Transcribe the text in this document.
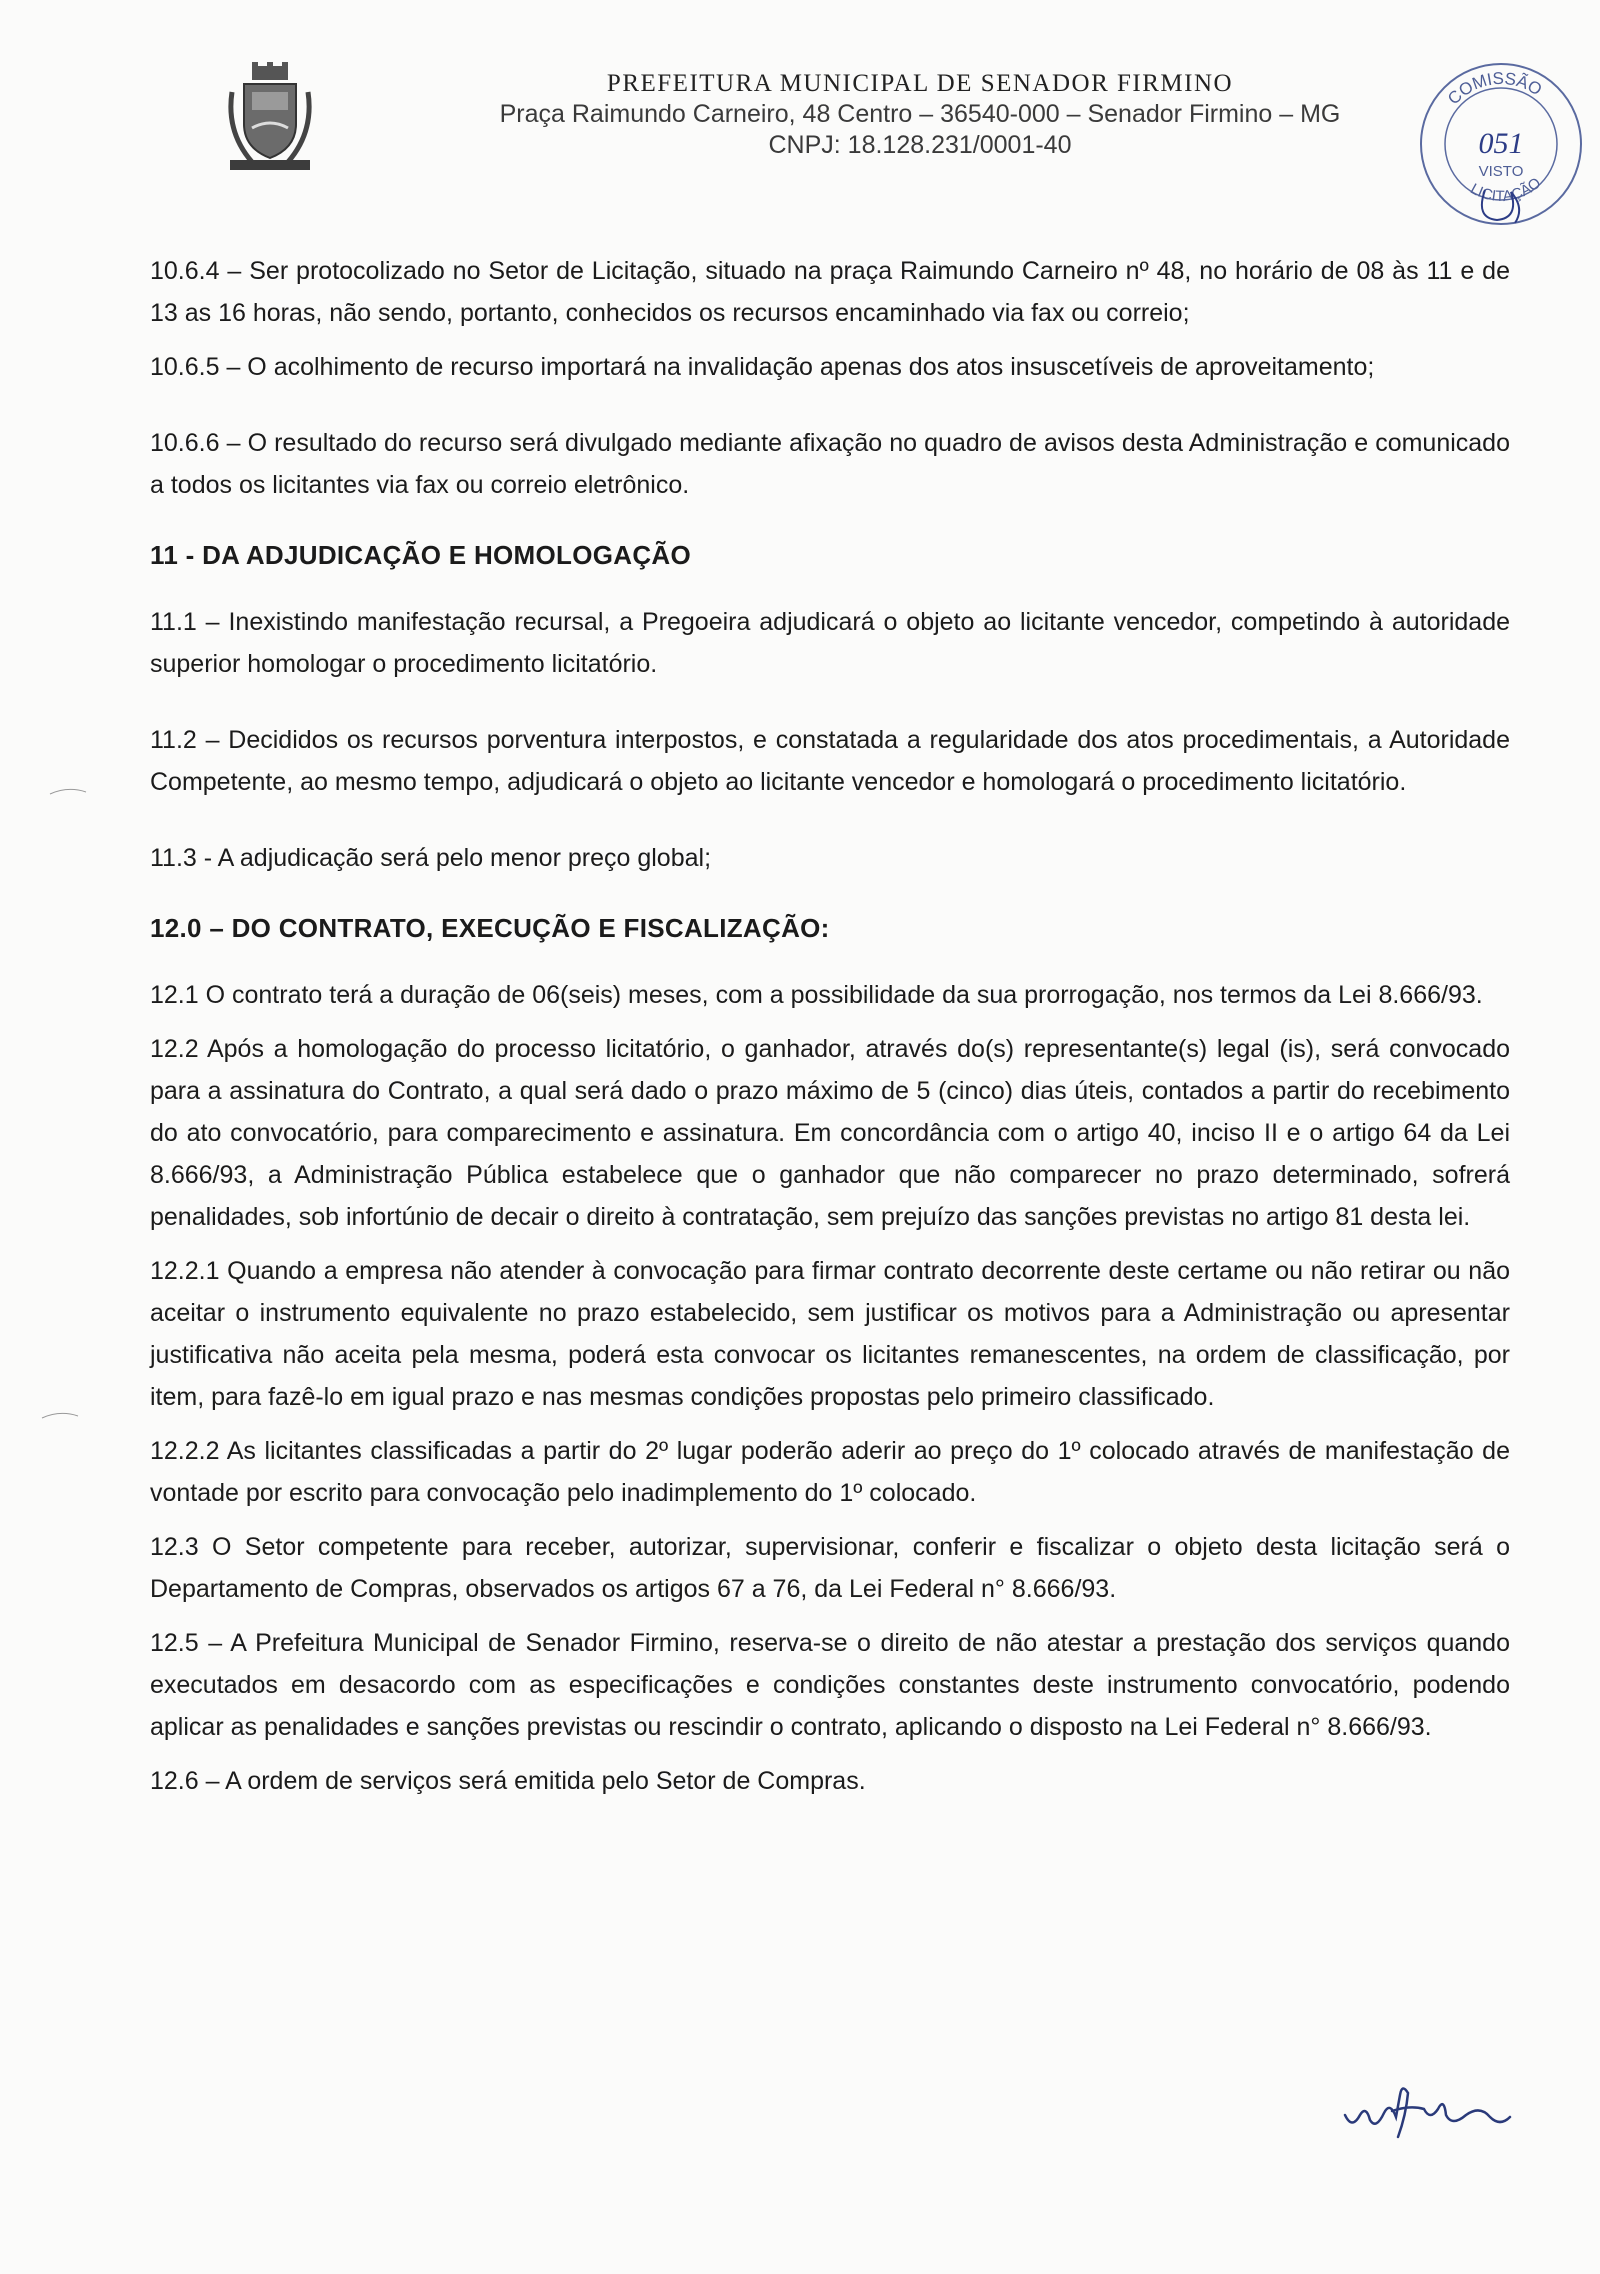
PREFEITURA MUNICIPAL DE SENADOR FIRMINO
Praça Raimundo Carneiro, 48 Centro – 36540-000 – Senador Firmino – MG
CNPJ: 18.128.231/0001-40
COMISSÃO
051
VISTO
LICITAÇÃO

10.6.4 – Ser protocolizado no Setor de Licitação, situado na praça Raimundo Carneiro nº 48, no horário de 08 às 11 e de 13 as 16 horas, não sendo, portanto, conhecidos os recursos encaminhado via fax ou correio;

10.6.5 – O acolhimento de recurso importará na invalidação apenas dos atos insuscetíveis de aproveitamento;

10.6.6 – O resultado do recurso será divulgado mediante afixação no quadro de avisos desta Administração e comunicado a todos os licitantes via fax ou correio eletrônico.

11 - DA ADJUDICAÇÃO E HOMOLOGAÇÃO

11.1 – Inexistindo manifestação recursal, a Pregoeira adjudicará o objeto ao licitante vencedor, competindo à autoridade superior homologar o procedimento licitatório.

11.2 – Decididos os recursos porventura interpostos, e constatada a regularidade dos atos procedimentais, a Autoridade Competente, ao mesmo tempo, adjudicará o objeto ao licitante vencedor e homologará o procedimento licitatório.

11.3 - A adjudicação será pelo menor preço global;

12.0 – DO CONTRATO, EXECUÇÃO E FISCALIZAÇÃO:

12.1 O contrato terá a duração de 06(seis) meses, com a possibilidade da sua prorrogação, nos termos da Lei 8.666/93.

12.2 Após a homologação do processo licitatório, o ganhador, através do(s) representante(s) legal (is), será convocado para a assinatura do Contrato, a qual será dado o prazo máximo de 5 (cinco) dias úteis, contados a partir do recebimento do ato convocatório, para comparecimento e assinatura. Em concordância com o artigo 40, inciso II e o artigo 64 da Lei 8.666/93, a Administração Pública estabelece que o ganhador que não comparecer no prazo determinado, sofrerá penalidades, sob infortúnio de decair o direito à contratação, sem prejuízo das sanções previstas no artigo 81 desta lei.

12.2.1 Quando a empresa não atender à convocação para firmar contrato decorrente deste certame ou não retirar ou não aceitar o instrumento equivalente no prazo estabelecido, sem justificar os motivos para a Administração ou apresentar justificativa não aceita pela mesma, poderá esta convocar os licitantes remanescentes, na ordem de classificação, por item, para fazê-lo em igual prazo e nas mesmas condições propostas pelo primeiro classificado.

12.2.2 As licitantes classificadas a partir do 2º lugar poderão aderir ao preço do 1º colocado através de manifestação de vontade por escrito para convocação pelo inadimplemento do 1º colocado.

12.3 O Setor competente para receber, autorizar, supervisionar, conferir e fiscalizar o objeto desta licitação será o Departamento de Compras, observados os artigos 67 a 76, da Lei Federal n° 8.666/93.

12.5 – A Prefeitura Municipal de Senador Firmino, reserva-se o direito de não atestar a prestação dos serviços quando executados em desacordo com as especificações e condições constantes deste instrumento convocatório, podendo aplicar as penalidades e sanções previstas ou rescindir o contrato, aplicando o disposto na Lei Federal n° 8.666/93.

12.6 – A ordem de serviços será emitida pelo Setor de Compras.
